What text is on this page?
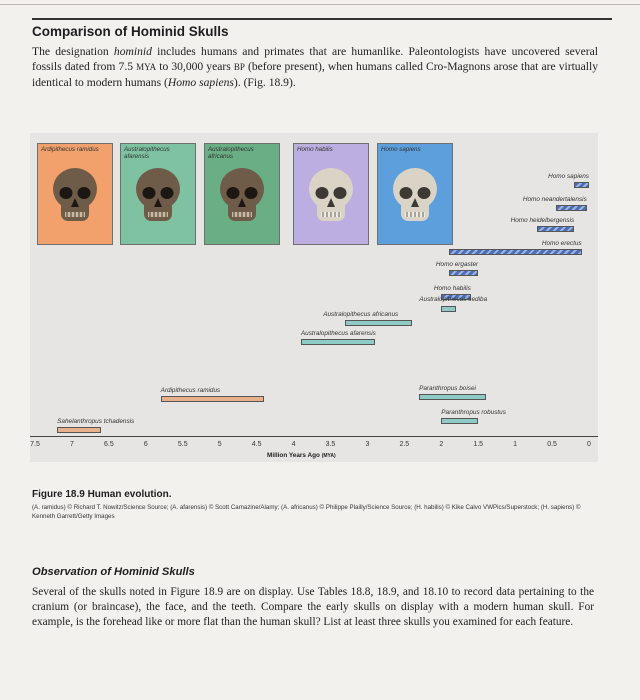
Comparison of Hominid Skulls
The designation hominid includes humans and primates that are humanlike. Paleontologists have uncovered several fossils dated from 7.5 MYA to 30,000 years BP (before present), when humans called Cro-Magnons arose that are virtually identical to modern humans (Homo sapiens). (Fig. 18.9).
Ardipithecus ramidus	Australopithecus afarensis
Australopithecus africanus
Homo habilis	Homo sapiens
Homo sapiens
Homo neandertalensis
Homo heidelbergensis
Homo erectus
Homo ergaster
Homo habilis
Australopithecus sediba
Australopithecus africanus
Australopithecus afarensis
Paranthropus boisei
Paranthropus robustus
Ardipithecus ramidus
Sahelanthropus tchadensis
7.5	7	6.5	6	5.5	5	4.5	4	3.5	3	2.5	2	1.5	1	0.5	0
Million Years Ago (MYA)
Figure 18.9 Human evolution.
(A. ramidus) © Richard T. Nowitz/Science Source; (A. afarensis) © Scott Camazine/Alamy; (A. africanus) © Philippe Plailly/Science Source; (H. habilis) © Kike Calvo VWPics/Superstock; (H. sapiens) © Kenneth Garrett/Getty Images
Observation of Hominid Skulls
Several of the skulls noted in Figure 18.9 are on display. Use Tables 18.8, 18.9, and 18.10 to record data pertaining to the cranium (or braincase), the face, and the teeth. Compare the early skulls on display with a modern human skull. For example, is the forehead like or more flat than the human skull? List at least three skulls you examined for each feature.
